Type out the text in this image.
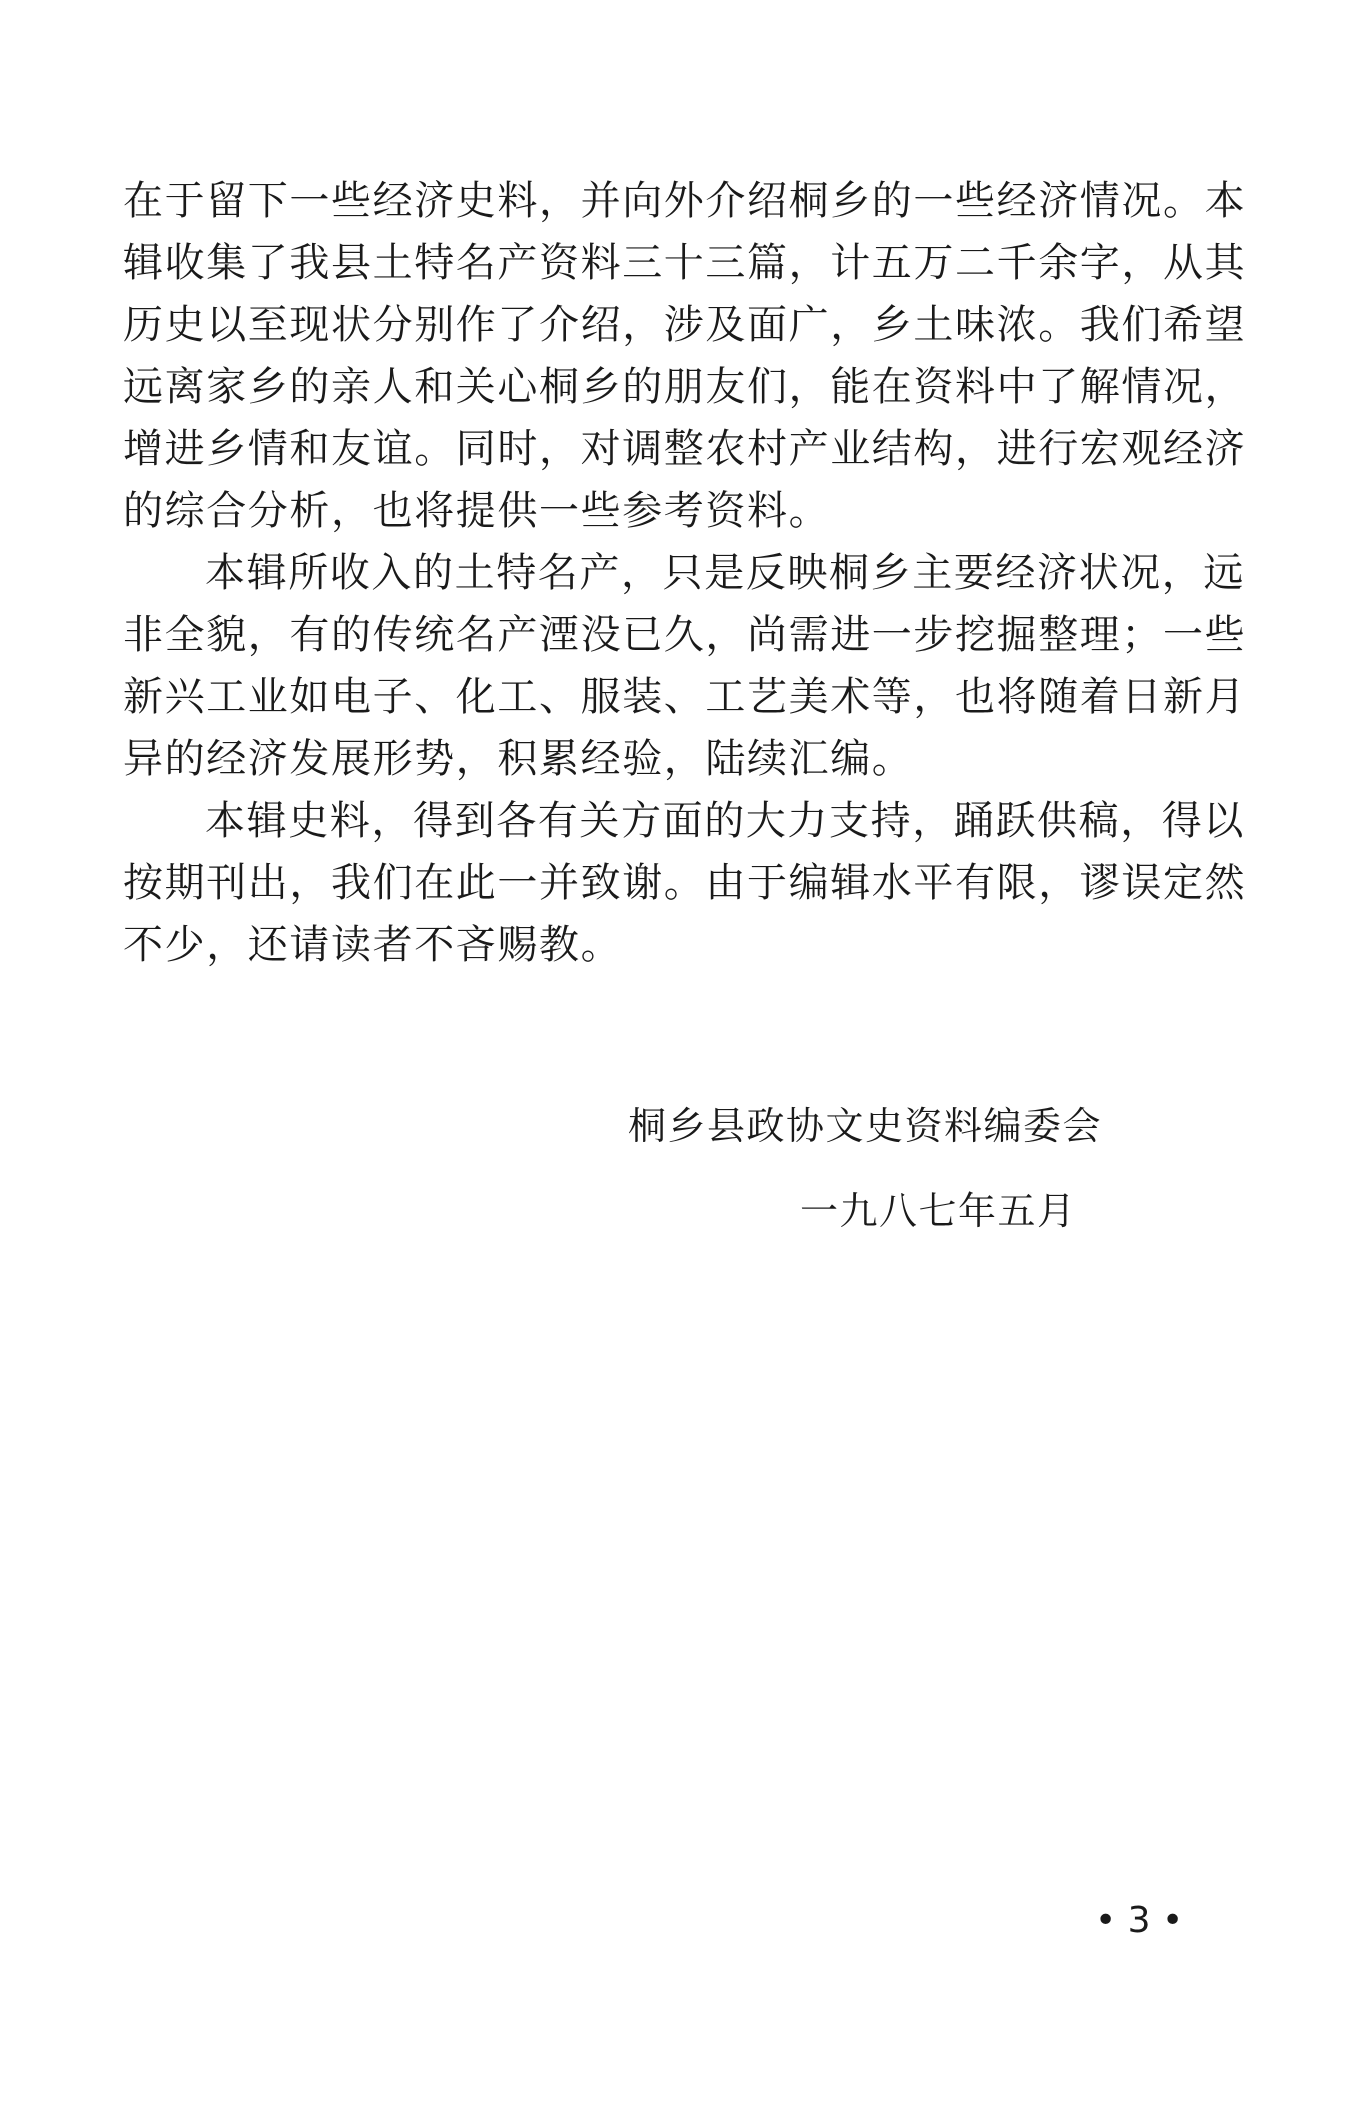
在于留下一些经济史料，并向外介绍桐乡的一些经济情况。本
辑收集了我县土特名产资料三十三篇，计五万二千余字，从其
历史以至现状分别作了介绍，涉及面广，乡土味浓。我们希望
远离家乡的亲人和关心桐乡的朋友们，能在资料中了解情况，
增进乡情和友谊。同时，对调整农村产业结构，进行宏观经济
的综合分析，也将提供一些参考资料。
本辑所收入的土特名产，只是反映桐乡主要经济状况，远
非全貌，有的传统名产湮没已久，尚需进一步挖掘整理；一些
新兴工业如电子、化工、服装、工艺美术等，也将随着日新月
异的经济发展形势，积累经验，陆续汇编。
本辑史料，得到各有关方面的大力支持，踊跃供稿，得以
按期刊出，我们在此一并致谢。由于编辑水平有限，谬误定然
不少，还请读者不吝赐教。
桐乡县政协文史资料编委会
一九八七年五月
• 3 •
